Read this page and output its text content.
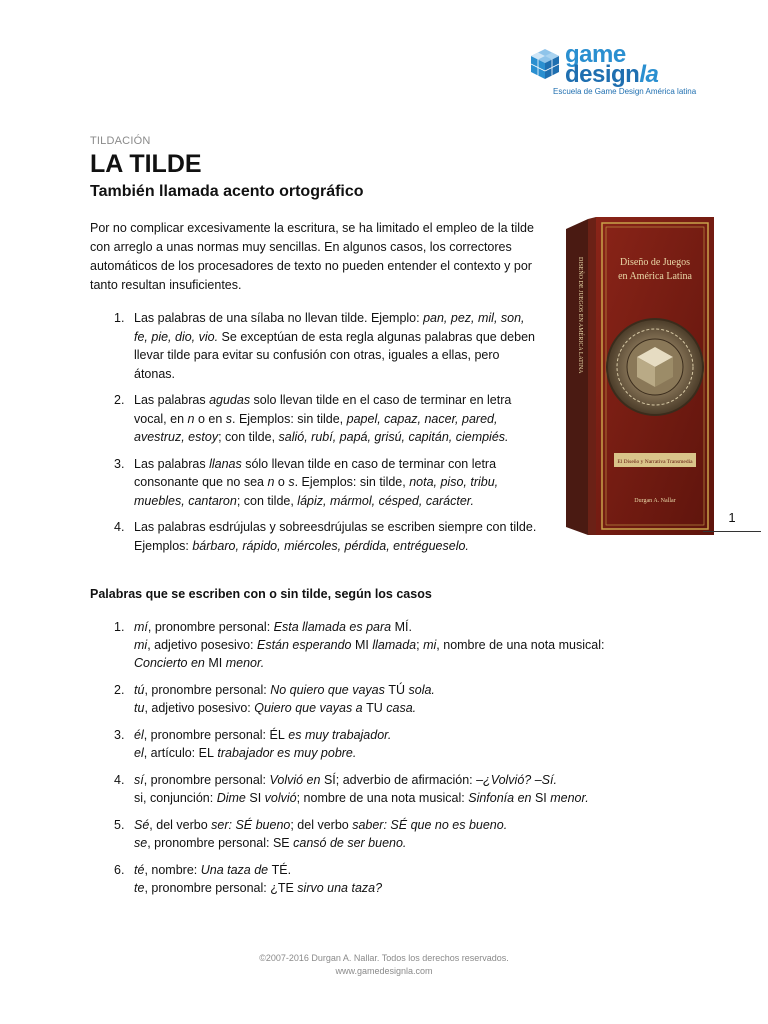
game
designla
Escuela de Game Design América latina
TILDACIÓN
LA TILDE
También llamada acento ortográfico

Por no complicar excesivamente la escritura, se ha limitado el empleo de la tilde con arreglo a unas normas muy sencillas. En algunos casos, los correctores automáticos de los procesadores de texto no pueden entender el contexto y por tanto resultan insuficientes.

1. Las palabras de una sílaba no llevan tilde. Ejemplo: pan, pez, mil, son, fe, pie, dio, vio. Se exceptúan de esta regla algunas palabras que deben llevar tilde para evitar su confusión con otras, iguales a ellas, pero átonas.
2. Las palabras agudas solo llevan tilde en el caso de terminar en letra vocal, en n o en s. Ejemplos: sin tilde, papel, capaz, nacer, pared, avestruz, estoy; con tilde, salió, rubí, papá, grisú, capitán, ciempiés.
3. Las palabras llanas sólo llevan tilde en caso de terminar con letra consonante que no sea n o s. Ejemplos: sin tilde, nota, piso, tribu, muebles, cantaron; con tilde, lápiz, mármol, césped, carácter.
4. Las palabras esdrújulas y sobreesdrújulas se escriben siempre con tilde. Ejemplos: bárbaro, rápido, miércoles, pérdida, entrégueselo.
Diseño de Juegos
en América Latina
El Diseño y Narrativa Transmedia
Durgan A. Nallar
DISEÑO DE JUEGOS EN AMÉRICA LATINA
1
Palabras que se escriben con o sin tilde, según los casos
1. mí, pronombre personal: Esta llamada es para MÍ.
mi, adjetivo posesivo: Están esperando MI llamada; mi, nombre de una nota musical:
Concierto en MI menor.
2. tú, pronombre personal: No quiero que vayas TÚ sola.
tu, adjetivo posesivo: Quiero que vayas a TU casa.
3. él, pronombre personal: ÉL es muy trabajador.
el, artículo: EL trabajador es muy pobre.
4. sí, pronombre personal: Volvió en SÍ; adverbio de afirmación: –¿Volvió? –Sí.
si, conjunción: Dime SI volvió; nombre de una nota musical: Sinfonía en SI menor.
5. Sé, del verbo ser: SÉ bueno; del verbo saber: SÉ que no es bueno.
se, pronombre personal: SE cansó de ser bueno.
6. té, nombre: Una taza de TÉ.
te, pronombre personal: ¿TE sirvo una taza?
©2007-2016 Durgan A. Nallar. Todos los derechos reservados.
www.gamedesignla.com
